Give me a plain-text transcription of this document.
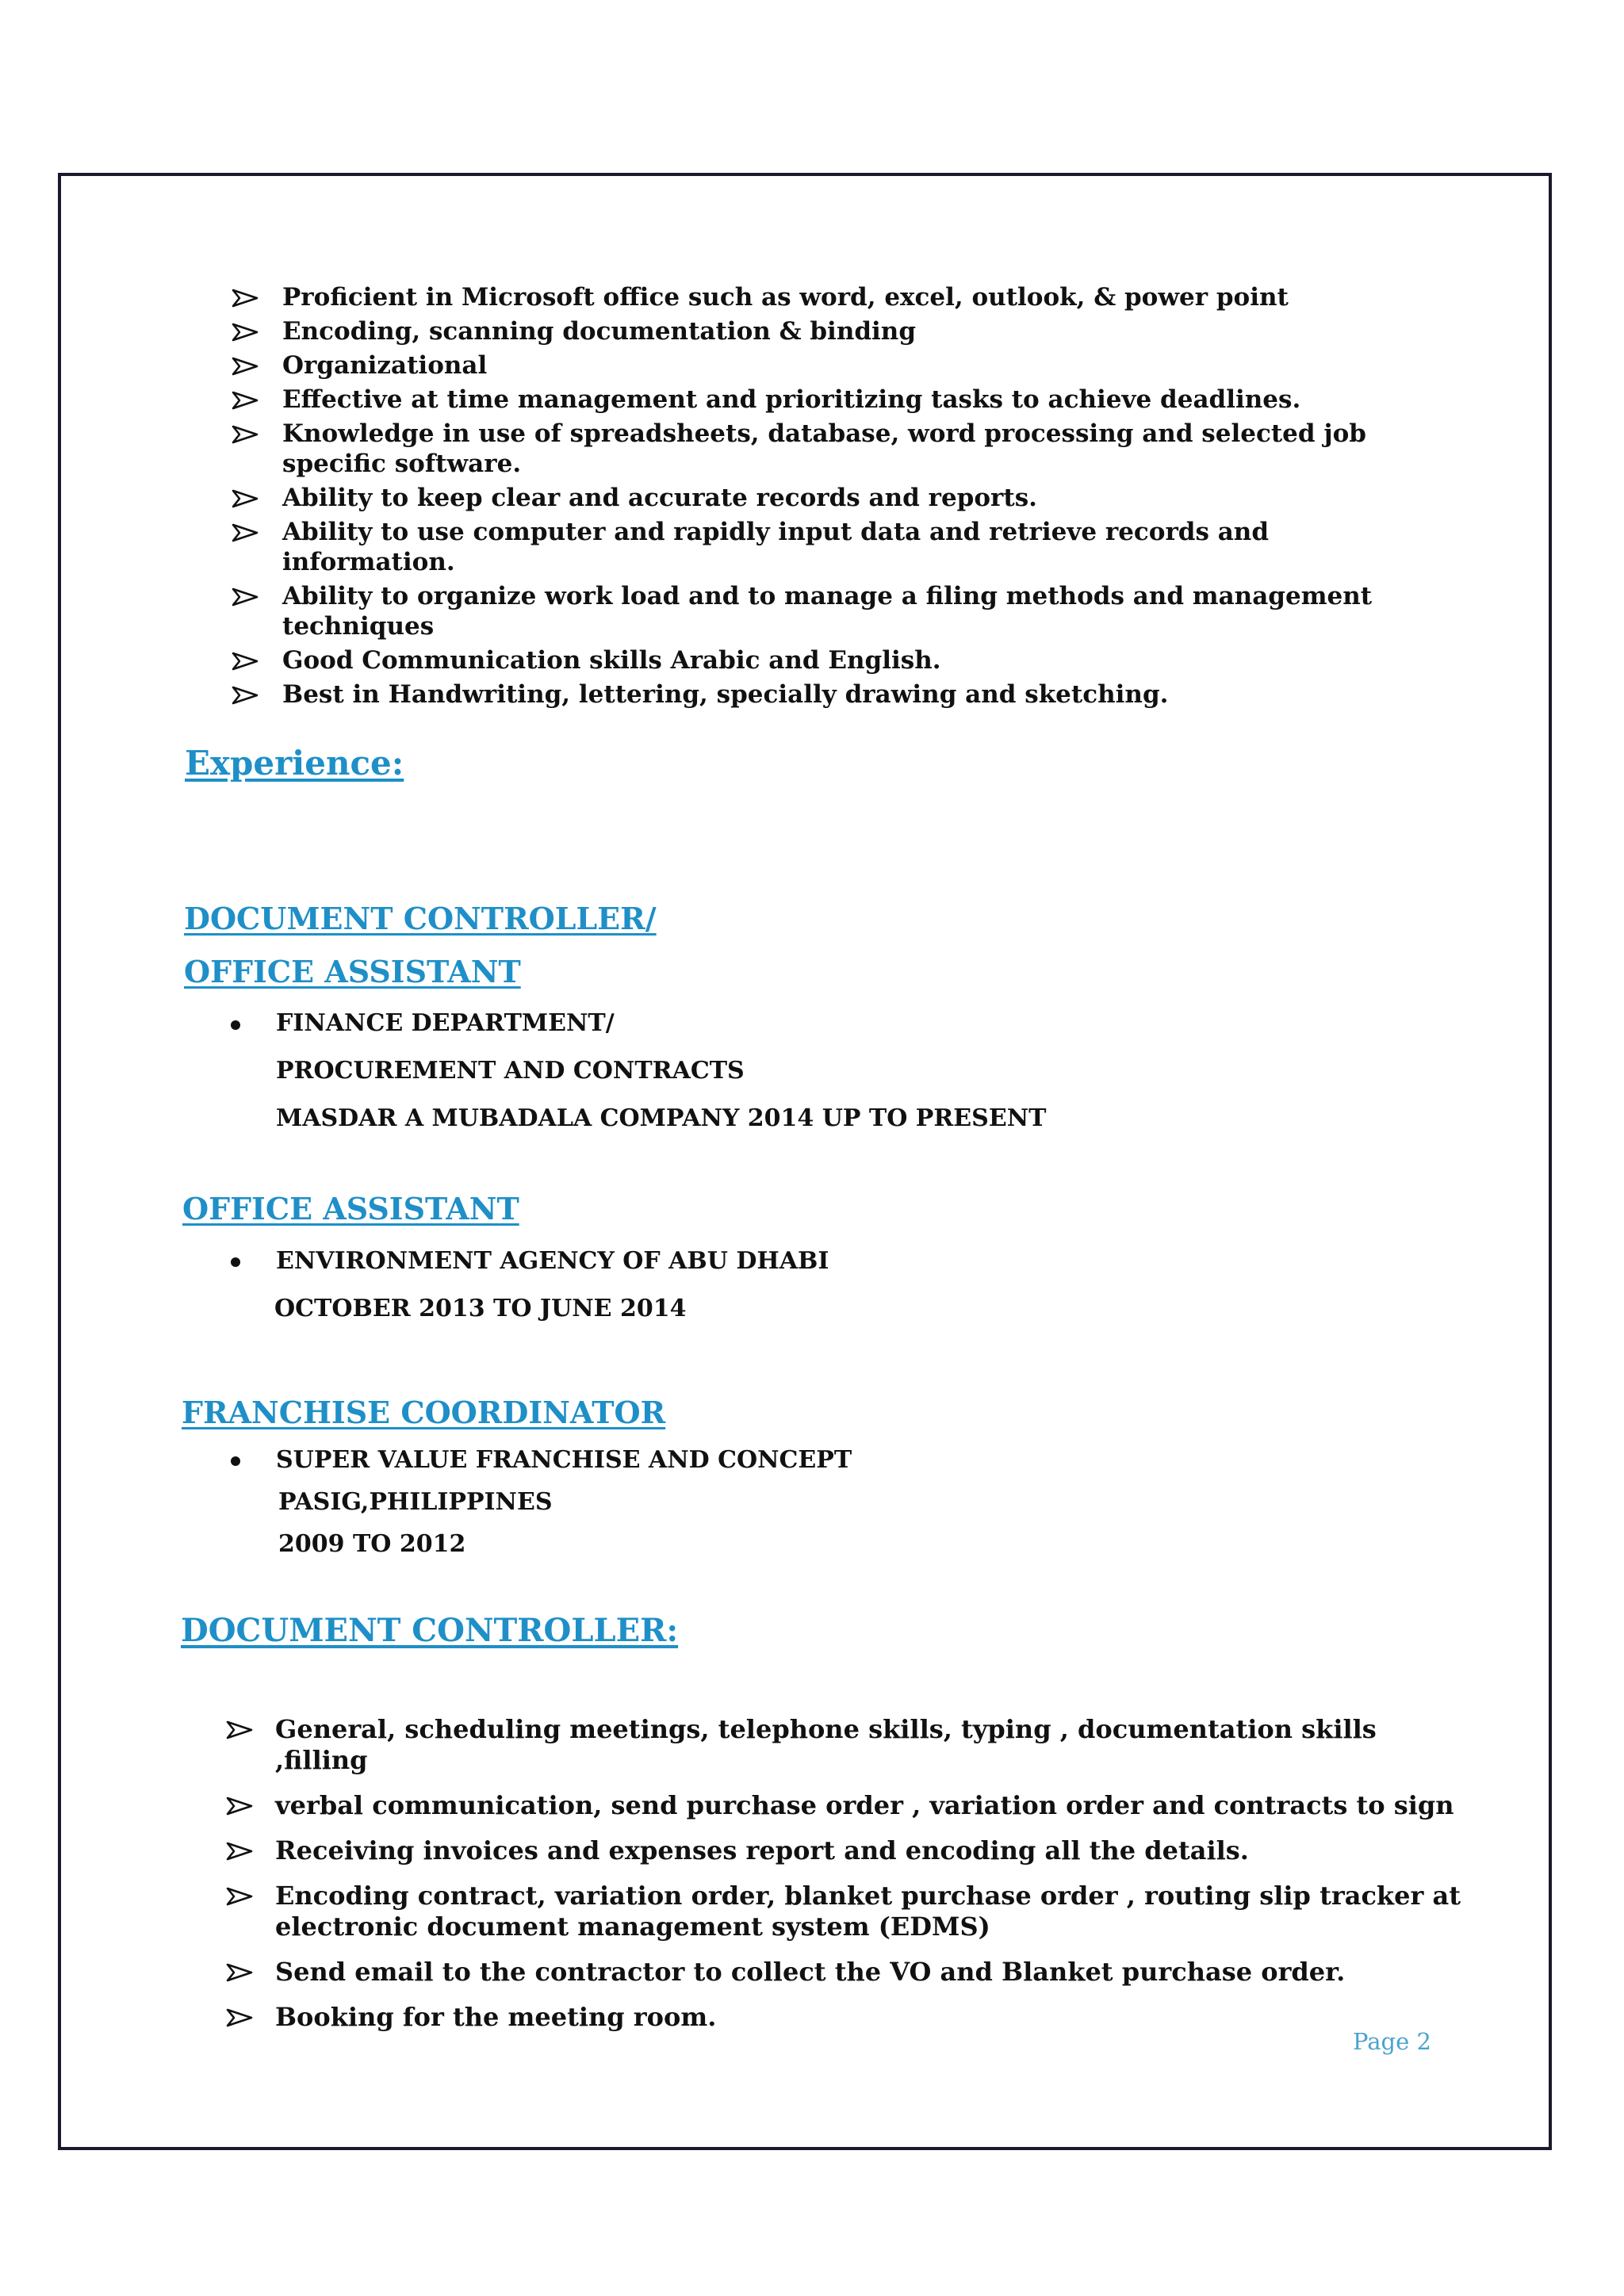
Proficient in Microsoft office such as word, excel, outlook, & power point
Encoding, scanning documentation & binding
Organizational
Effective at time management and prioritizing tasks to achieve deadlines.
Knowledge in use of spreadsheets, database, word processing and selected job specific software.
Ability to keep clear and accurate records and reports.
Ability to use computer and rapidly input data and retrieve records and information.
Ability to organize work load and to manage a filing methods and management techniques
Good Communication skills Arabic and English.
Best in Handwriting, lettering, specially drawing and sketching.
Experience:
DOCUMENT CONTROLLER/
OFFICE ASSISTANT
FINANCE DEPARTMENT/
PROCUREMENT AND CONTRACTS
MASDAR A MUBADALA COMPANY 2014 UP TO PRESENT
OFFICE ASSISTANT
ENVIRONMENT AGENCY OF ABU DHABI
OCTOBER 2013 TO JUNE 2014
FRANCHISE COORDINATOR
SUPER VALUE FRANCHISE AND CONCEPT
PASIG,PHILIPPINES
2009 TO 2012
DOCUMENT CONTROLLER:
General, scheduling meetings, telephone skills, typing , documentation skills ,filling
verbal communication, send purchase order , variation order and contracts to sign
Receiving invoices and expenses report and encoding all the details.
Encoding contract, variation order, blanket purchase order , routing slip tracker at electronic document management system (EDMS)
Send email to the contractor to collect the VO and Blanket purchase order.
Booking for the meeting room.
Page 2
